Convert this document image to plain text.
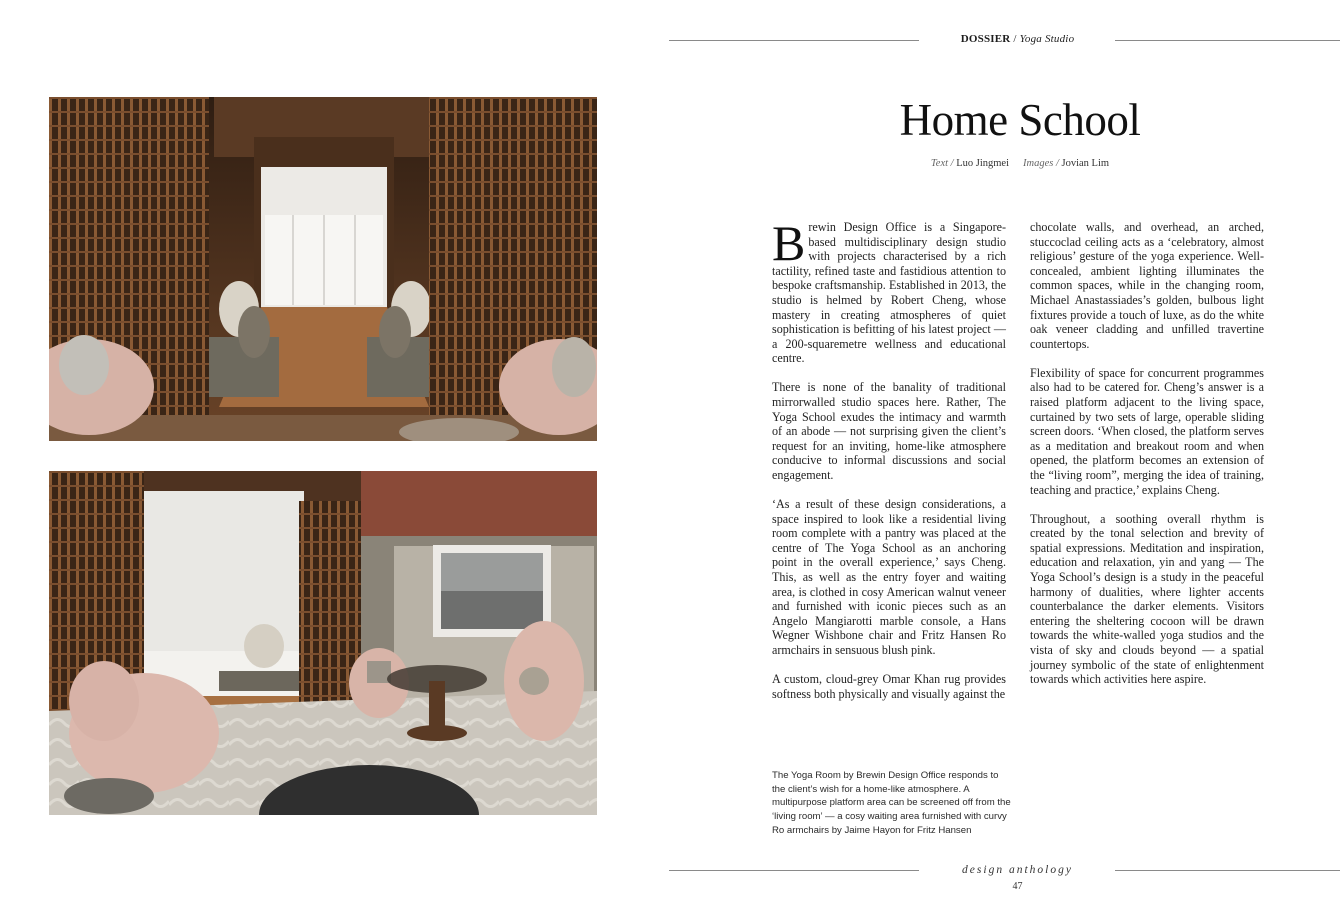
DOSSIER / Yoga Studio
Home School
Text / Luo Jingmei Images / Jovian Lim

Brewin Design Office is a Singapore-based multidisciplinary design studio with projects characterised by a rich tactility, refined taste and fastidious attention to bespoke craftsmanship. Established in 2013, the studio is helmed by Robert Cheng, whose mastery in creating atmospheres of quiet sophistication is befitting of his latest project — a 200-squaremetre wellness and educational centre.

There is none of the banality of traditional mirrorwalled studio spaces here. Rather, The Yoga School exudes the intimacy and warmth of an abode — not surprising given the client’s request for an inviting, home-like atmosphere conducive to informal discussions and social engagement.

‘As a result of these design considerations, a space inspired to look like a residential living room complete with a pantry was placed at the centre of The Yoga School as an anchoring point in the overall experience,’ says Cheng. This, as well as the entry foyer and waiting area, is clothed in cosy American walnut veneer and furnished with iconic pieces such as an Angelo Mangiarotti marble console, a Hans Wegner Wishbone chair and Fritz Hansen Ro armchairs in sensuous blush pink.

A custom, cloud-grey Omar Khan rug provides softness both physically and visually against the

chocolate walls, and overhead, an arched, stuccoclad ceiling acts as a ‘celebratory, almost religious’ gesture of the yoga experience. Well-concealed, ambient lighting illuminates the common spaces, while in the changing room, Michael Anastassiades’s golden, bulbous light fixtures provide a touch of luxe, as do the white oak veneer cladding and unfilled travertine countertops.

Flexibility of space for concurrent programmes also had to be catered for. Cheng’s answer is a raised platform adjacent to the living space, curtained by two sets of large, operable sliding screen doors. ‘When closed, the platform serves as a meditation and breakout room and when opened, the platform becomes an extension of the “living room”, merging the idea of training, teaching and practice,’ explains Cheng.

Throughout, a soothing overall rhythm is created by the tonal selection and brevity of spatial expressions. Meditation and inspiration, education and relaxation, yin and yang — The Yoga School’s design is a study in the peaceful harmony of dualities, where lighter accents counterbalance the darker elements. Visitors entering the sheltering cocoon will be drawn towards the white-walled yoga studios and the vista of sky and clouds beyond — a spatial journey symbolic of the state of enlightenment towards which activities here aspire.

The Yoga Room by Brewin Design Office responds to the client’s wish for a home-like atmosphere. A multipurpose platform area can be screened off from the ‘living room’ — a cosy waiting area furnished with curvy Ro armchairs by Jaime Hayon for Fritz Hansen
design anthology
47
